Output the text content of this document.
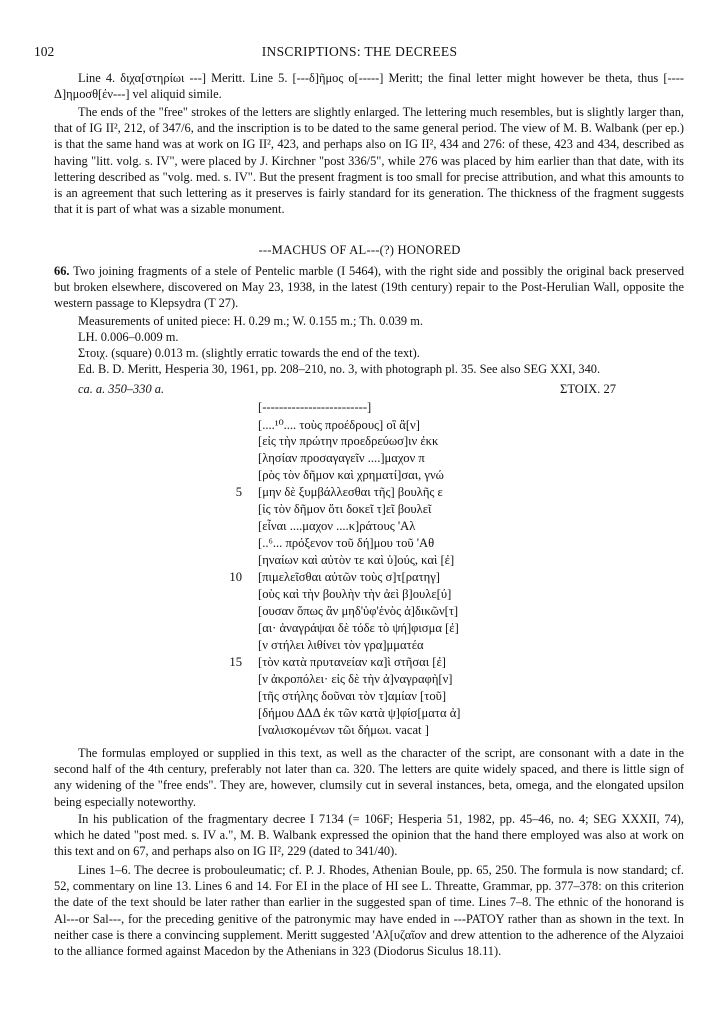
102	INSCRIPTIONS: THE DECREES

Line 4. διχα[στηρίωι ---] Meritt. Line 5. [---δ]ῆμος ο[-----] Meritt; the final letter might however be theta, thus [----Δ]ημοσθ[έν---] vel aliquid simile.

The ends of the "free" strokes of the letters are slightly enlarged. The lettering much resembles, but is slightly larger than, that of IG II², 212, of 347/6, and the inscription is to be dated to the same general period. The view of M. B. Walbank (per ep.) is that the same hand was at work on IG II², 423, and perhaps also on IG II², 434 and 276: of these, 423 and 434, described as having "litt. volg. s. IV", were placed by J. Kirchner "post 336/5", while 276 was placed by him earlier than that date, with its lettering described as "volg. med. s. IV". But the present fragment is too small for precise attribution, and what this amounts to is an agreement that such lettering as it preserves is fairly standard for its generation. The thickness of the fragment suggests that it is part of what was a sizable monument.

---MACHUS OF AL---(?) HONORED

66. Two joining fragments of a stele of Pentelic marble (I 5464), with the right side and possibly the original back preserved but broken elsewhere, discovered on May 23, 1938, in the latest (19th century) repair to the Post-Herulian Wall, opposite the western passage to Klepsydra (Τ 27).

Measurements of united piece: H. 0.29 m.; W. 0.155 m.; Th. 0.039 m.
LH. 0.006–0.009 m.
Στοιχ. (square) 0.013 m. (slightly erratic towards the end of the text).
Ed. B. D. Meritt, Hesperia 30, 1961, pp. 208–210, no. 3, with photograph pl. 35. See also SEG XXI, 340.
ca. a. 350–330 a.	ΣΤΟΙΧ. 27
[-------------------------]
[....¹⁰.... τοὺς προέδρους] οἳ ἂ[ν]
[εἰς τὴν πρώτην προεδρεύωσ]ιν ἐκκ
[λησίαν προσαγαγεῖν ....]μαχον π
[ρὸς τὸν δῆμον καὶ χρηματί]σαι, γνώ
5 [μην δὲ ξυμβάλλεσθαι τῆς] βουλῆς ε
[ἰς τὸν δῆμον ὅτι δοκεῖ τ]εῖ βουλεῖ
[εἶναι ....μαχον ....κ]ράτους 'Αλ
[..⁶... πρόξενον τοῦ δή]μου τοῦ 'Αθ
[ηναίων καὶ αὐτὸν τε καὶ ὑ]ούς, καὶ [ἐ]
10 [πιμελεῖσθαι αὐτῶν τοὺς σ]τ[ρατηγ]
[οὺς καὶ τὴν βουλὴν τὴν ἀεὶ β]ουλε[ύ]
[ουσαν ὅπως ἂν μηδ'ὑφ'ἑνὸς ἀ]δικῶν[τ]
[αι· ἀναγράψαι δὲ τόδε τὸ ψή]φισμα [ἐ]
[ν στήλει λιθίνει τὸν γρα]μματέα
15 [τὸν κατὰ πρυτανείαν κα]ὶ στῆσαι [ἐ]
[ν ἀκροπόλει· εἰς δὲ τὴν ἀ]ναγραφὴ[ν]
[τῆς στήλης δοῦναι τὸν τ]αμίαν [τοῦ]
[δήμου ΔΔΔ ἐκ τῶν κατὰ ψ]φίσ[ματα ἀ]
[ναλισκομένων τῶι δήμωι. vacat ]

The formulas employed or supplied in this text, as well as the character of the script, are consonant with a date in the second half of the 4th century, preferably not later than ca. 320. The letters are quite widely spaced, and there is little sign of any widening of the "free ends". They are, however, clumsily cut in several instances, beta, omega, and the elongated upsilon being especially noteworthy.

In his publication of the fragmentary decree I 7134 (= 106F; Hesperia 51, 1982, pp. 45–46, no. 4; SEG XXXII, 74), which he dated "post med. s. IV a.", M. B. Walbank expressed the opinion that the hand there employed was also at work on this text and on 67, and perhaps also on IG II², 229 (dated to 341/40).

Lines 1–6. The decree is probouleumatic; cf. P. J. Rhodes, Athenian Boule, pp. 65, 250. The formula is now standard; cf. 52, commentary on line 13. Lines 6 and 14. For EI in the place of HI see L. Threatte, Grammar, pp. 377–378: on this criterion the date of the text should be later rather than earlier in the suggested span of time. Lines 7–8. The ethnic of the honorand is Al---or Sal---, for the preceding genitive of the patronymic may have ended in ---PATOY rather than as shown in the text. In neither case is there a convincing supplement. Meritt suggested 'Αλ[υζαῖον and drew attention to the adherence of the Alyzaioi to the alliance formed against Macedon by the Athenians in 323 (Diodorus Siculus 18.11).
